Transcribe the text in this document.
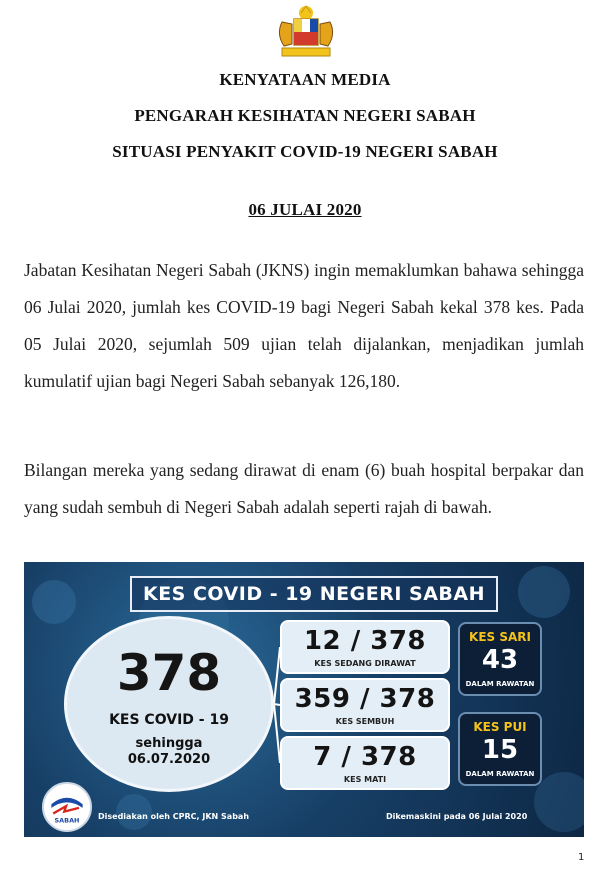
KENYATAAN MEDIA
PENGARAH KESIHATAN NEGERI SABAH
SITUASI PENYAKIT COVID-19 NEGERI SABAH
06 JULAI 2020

Jabatan Kesihatan Negeri Sabah (JKNS) ingin memaklumkan bahawa sehingga 06 Julai 2020, jumlah kes COVID-19 bagi Negeri Sabah kekal 378 kes. Pada 05 Julai 2020, sejumlah 509 ujian telah dijalankan, menjadikan jumlah kumulatif ujian bagi Negeri Sabah sebanyak 126,180.

Bilangan mereka yang sedang dirawat di enam (6) buah hospital berpakar dan yang sudah sembuh di Negeri Sabah adalah seperti rajah di bawah.

KES COVID - 19 NEGERI SABAH
378
KES COVID - 19
sehingga
06.07.2020
12 / 378
KES SEDANG DIRAWAT
359 / 378
KES SEMBUH
7 / 378
KES MATI
KES SARI
43
DALAM RAWATAN
KES PUI
15
DALAM RAWATAN
SABAH Disediakan oleh CPRC, JKN Sabah	Dikemaskini pada 06 Julai 2020
1
